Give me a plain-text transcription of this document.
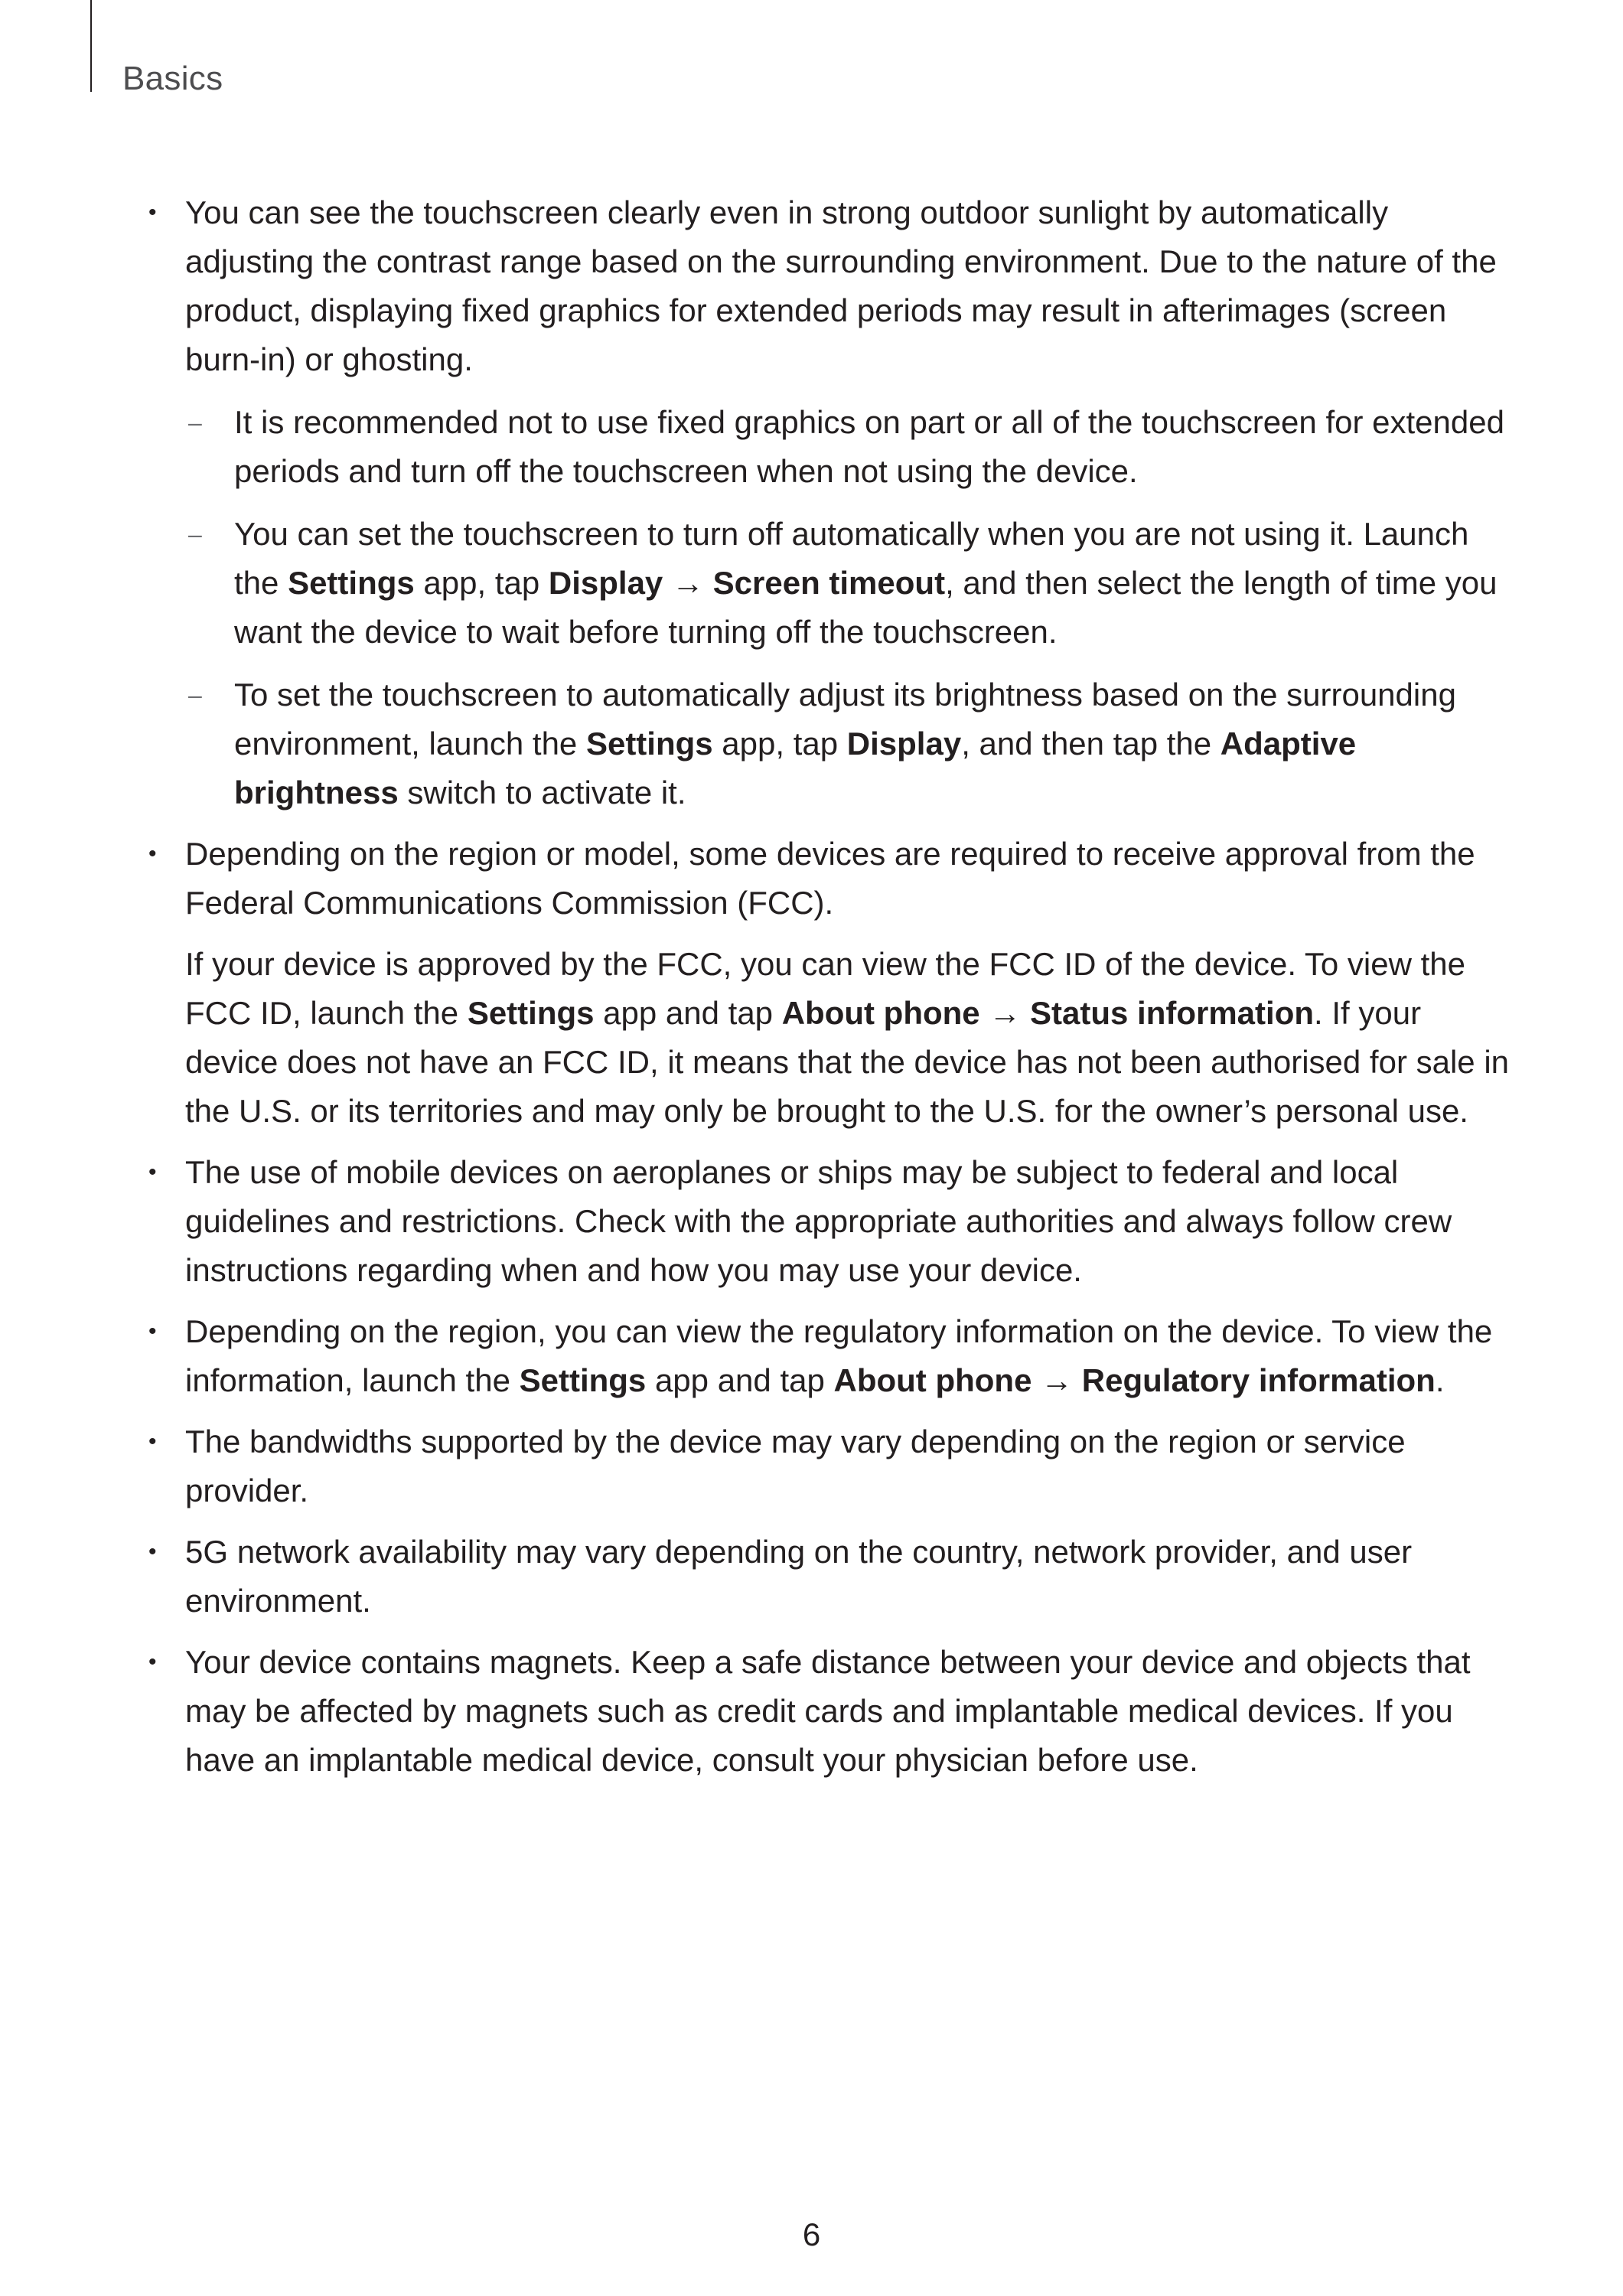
Basics
• You can see the touchscreen clearly even in strong outdoor sunlight by automatically adjusting the contrast range based on the surrounding environment. Due to the nature of the product, displaying fixed graphics for extended periods may result in afterimages (screen burn-in) or ghosting.

– It is recommended not to use fixed graphics on part or all of the touchscreen for extended periods and turn off the touchscreen when not using the device.
– You can set the touchscreen to turn off automatically when you are not using it. Launch the Settings app, tap Display → Screen timeout, and then select the length of time you want the device to wait before turning off the touchscreen.
– To set the touchscreen to automatically adjust its brightness based on the surrounding environment, launch the Settings app, tap Display, and then tap the Adaptive brightness switch to activate it.
• Depending on the region or model, some devices are required to receive approval from the Federal Communications Commission (FCC).

If your device is approved by the FCC, you can view the FCC ID of the device. To view the FCC ID, launch the Settings app and tap About phone → Status information. If your device does not have an FCC ID, it means that the device has not been authorised for sale in the U.S. or its territories and may only be brought to the U.S. for the owner’s personal use.

• The use of mobile devices on aeroplanes or ships may be subject to federal and local guidelines and restrictions. Check with the appropriate authorities and always follow crew instructions regarding when and how you may use your device.

• Depending on the region, you can view the regulatory information on the device. To view the information, launch the Settings app and tap About phone → Regulatory information.

• The bandwidths supported by the device may vary depending on the region or service provider.

• 5G network availability may vary depending on the country, network provider, and user environment.

• Your device contains magnets. Keep a safe distance between your device and objects that may be affected by magnets such as credit cards and implantable medical devices. If you have an implantable medical device, consult your physician before use.

6
